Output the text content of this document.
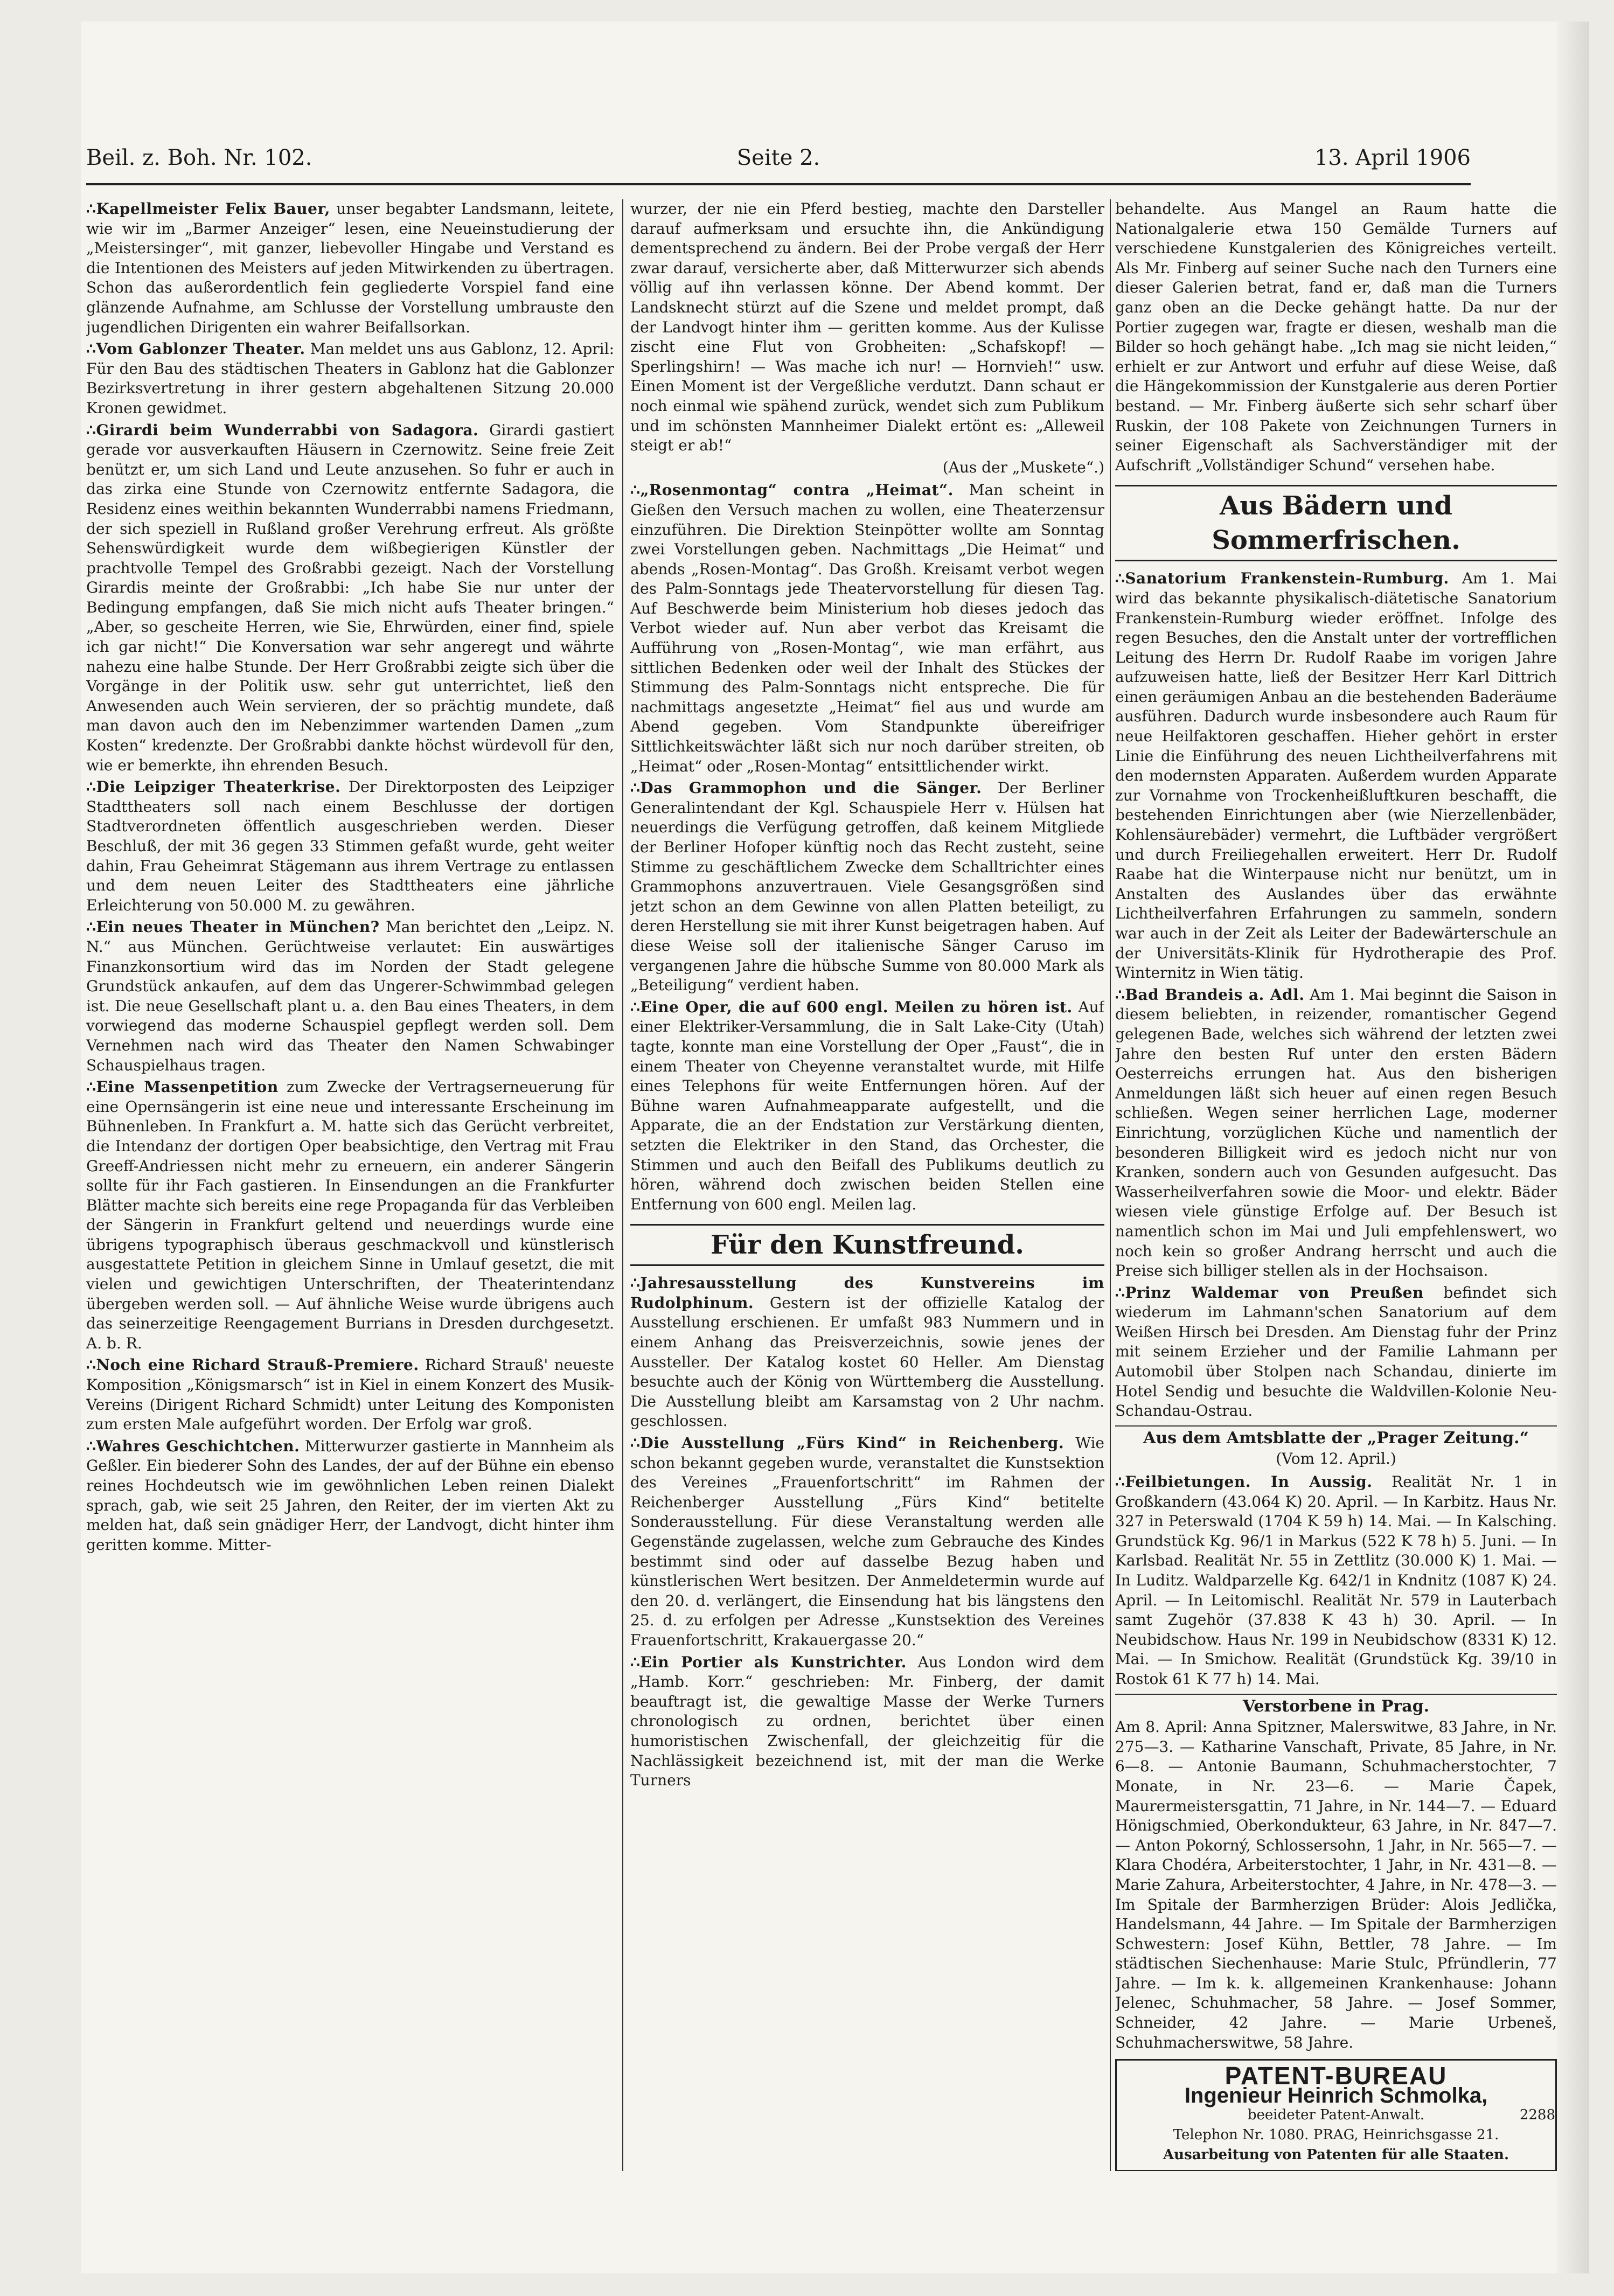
Beil. z. Boh. Nr. 102.	Seite 2.	13. April 1906

∴ Kapellmeister Felix Bauer, unser begabter Landsmann, leitete, wie wir im „Barmer Anzeiger“ lesen, eine Neueinstudierung der „Meistersinger“, mit ganzer, liebevoller Hingabe und Verstand es die Intentionen des Meisters auf jeden Mitwirkenden zu übertragen. Schon das außerordentlich fein gegliederte Vorspiel fand eine glänzende Aufnahme, am Schlusse der Vorstellung umbrauste den jugendlichen Dirigenten ein wahrer Beifallsorkan.

∴ Vom Gablonzer Theater. Man meldet uns aus Gablonz, 12. April: Für den Bau des städtischen Theaters in Gablonz hat die Gablonzer Bezirksvertretung in ihrer gestern abgehaltenen Sitzung 20.000 Kronen gewidmet.

∴ Girardi beim Wunderrabbi von Sadagora. Girardi gastiert gerade vor ausverkauften Häusern in Czernowitz. Seine freie Zeit benützt er, um sich Land und Leute anzusehen. So fuhr er auch in das zirka eine Stunde von Czernowitz entfernte Sadagora, die Residenz eines weithin bekannten Wunderrabbi namens Friedmann, der sich speziell in Rußland großer Verehrung erfreut. Als größte Sehenswürdigkeit wurde dem wißbegierigen Künstler der prachtvolle Tempel des Großrabbi gezeigt. Nach der Vorstellung Girardis meinte der Großrabbi: „Ich habe Sie nur unter der Bedingung empfangen, daß Sie mich nicht aufs Theater bringen.“ „Aber, so gescheite Herren, wie Sie, Ehrwürden, einer find, spiele ich gar nicht!“ Die Konversation war sehr angeregt und währte nahezu eine halbe Stunde. Der Herr Großrabbi zeigte sich über die Vorgänge in der Politik usw. sehr gut unterrichtet, ließ den Anwesenden auch Wein servieren, der so prächtig mundete, daß man davon auch den im Nebenzimmer wartenden Damen „zum Kosten“ kredenzte. Der Großrabbi dankte höchst würdevoll für den, wie er bemerkte, ihn ehrenden Besuch.

∴ Die Leipziger Theaterkrise. Der Direktorposten des Leipziger Stadttheaters soll nach einem Beschlusse der dortigen Stadtverordneten öffentlich ausgeschrieben werden. Dieser Beschluß, der mit 36 gegen 33 Stimmen gefaßt wurde, geht weiter dahin, Frau Geheimrat Stägemann aus ihrem Vertrage zu entlassen und dem neuen Leiter des Stadttheaters eine jährliche Erleichterung von 50.000 M. zu gewähren.

∴ Ein neues Theater in München? Man berichtet den „Leipz. N. N.“ aus München. Gerüchtweise verlautet: Ein auswärtiges Finanzkonsortium wird das im Norden der Stadt gelegene Grundstück ankaufen, auf dem das Ungerer-Schwimmbad gelegen ist. Die neue Gesellschaft plant u. a. den Bau eines Theaters, in dem vorwiegend das moderne Schauspiel gepflegt werden soll. Dem Vernehmen nach wird das Theater den Namen Schwabinger Schauspielhaus tragen.

∴ Eine Massenpetition zum Zwecke der Vertragserneuerung für eine Opernsängerin ist eine neue und interessante Erscheinung im Bühnenleben. In Frankfurt a. M. hatte sich das Gerücht verbreitet, die Intendanz der dortigen Oper beabsichtige, den Vertrag mit Frau Greeff-Andriessen nicht mehr zu erneuern, ein anderer Sängerin sollte für ihr Fach gastieren. In Einsendungen an die Frankfurter Blätter machte sich bereits eine rege Propaganda für das Verbleiben der Sängerin in Frankfurt geltend und neuerdings wurde eine übrigens typographisch überaus geschmackvoll und künstlerisch ausgestattete Petition in gleichem Sinne in Umlauf gesetzt, die mit vielen und gewichtigen Unterschriften, der Theaterintendanz übergeben werden soll. — Auf ähnliche Weise wurde übrigens auch das seinerzeitige Reengagement Burrians in Dresden durchgesetzt. A. b. R.

∴ Noch eine Richard Strauß-Premiere. Richard Strauß' neueste Komposition „Königsmarsch“ ist in Kiel in einem Konzert des Musik-Vereins (Dirigent Richard Schmidt) unter Leitung des Komponisten zum ersten Male aufgeführt worden. Der Erfolg war groß.

∴ Wahres Geschichtchen. Mitterwurzer gastierte in Mannheim als Geßler. Ein biederer Sohn des Landes, der auf der Bühne ein ebenso reines Hochdeutsch wie im gewöhnlichen Leben reinen Dialekt sprach, gab, wie seit 25 Jahren, den Reiter, der im vierten Akt zu melden hat, daß sein gnädiger Herr, der Landvogt, dicht hinter ihm geritten komme. Mitter-

wurzer, der nie ein Pferd bestieg, machte den Darsteller darauf aufmerksam und ersuchte ihn, die Ankündigung dementsprechend zu ändern. Bei der Probe vergaß der Herr zwar darauf, versicherte aber, daß Mitterwurzer sich abends völlig auf ihn verlassen könne. Der Abend kommt. Der Landsknecht stürzt auf die Szene und meldet prompt, daß der Landvogt hinter ihm — geritten komme. Aus der Kulisse zischt eine Flut von Grobheiten: „Schafskopf! — Sperlingshirn! — Was mache ich nur! — Hornvieh!“ usw. Einen Moment ist der Vergeßliche verdutzt. Dann schaut er noch einmal wie spähend zurück, wendet sich zum Publikum und im schönsten Mannheimer Dialekt ertönt es: „Alleweil steigt er ab!“

(Aus der „Muskete“.)

∴ „Rosenmontag“ contra „Heimat“. Man scheint in Gießen den Versuch machen zu wollen, eine Theaterzensur einzuführen. Die Direktion Steinpötter wollte am Sonntag zwei Vorstellungen geben. Nachmittags „Die Heimat“ und abends „Rosen-Montag“. Das Großh. Kreisamt verbot wegen des Palm-Sonntags jede Theatervorstellung für diesen Tag. Auf Beschwerde beim Ministerium hob dieses jedoch das Verbot wieder auf. Nun aber verbot das Kreisamt die Aufführung von „Rosen-Montag“, wie man erfährt, aus sittlichen Bedenken oder weil der Inhalt des Stückes der Stimmung des Palm-Sonntags nicht entspreche. Die für nachmittags angesetzte „Heimat“ fiel aus und wurde am Abend gegeben. Vom Standpunkte übereifriger Sittlichkeitswächter läßt sich nur noch darüber streiten, ob „Heimat“ oder „Rosen-Montag“ entsittlichender wirkt.

∴ Das Grammophon und die Sänger. Der Berliner Generalintendant der Kgl. Schauspiele Herr v. Hülsen hat neuerdings die Verfügung getroffen, daß keinem Mitgliede der Berliner Hofoper künftig noch das Recht zusteht, seine Stimme zu geschäftlichem Zwecke dem Schalltrichter eines Grammophons anzuvertrauen. Viele Gesangsgrößen sind jetzt schon an dem Gewinne von allen Platten beteiligt, zu deren Herstellung sie mit ihrer Kunst beigetragen haben. Auf diese Weise soll der italienische Sänger Caruso im vergangenen Jahre die hübsche Summe von 80.000 Mark als „Beteiligung“ verdient haben.

∴ Eine Oper, die auf 600 engl. Meilen zu hören ist. Auf einer Elektriker-Versammlung, die in Salt Lake-City (Utah) tagte, konnte man eine Vorstellung der Oper „Faust“, die in einem Theater von Cheyenne veranstaltet wurde, mit Hilfe eines Telephons für weite Entfernungen hören. Auf der Bühne waren Aufnahmeapparate aufgestellt, und die Apparate, die an der Endstation zur Verstärkung dienten, setzten die Elektriker in den Stand, das Orchester, die Stimmen und auch den Beifall des Publikums deutlich zu hören, während doch zwischen beiden Stellen eine Entfernung von 600 engl. Meilen lag.

Für den Kunstfreund.

∴ Jahresausstellung des Kunstvereins im Rudolphinum. Gestern ist der offizielle Katalog der Ausstellung erschienen. Er umfaßt 983 Nummern und in einem Anhang das Preisverzeichnis, sowie jenes der Aussteller. Der Katalog kostet 60 Heller. Am Dienstag besuchte auch der König von Württemberg die Ausstellung. Die Ausstellung bleibt am Karsamstag von 2 Uhr nachm. geschlossen.

∴ Die Ausstellung „Fürs Kind“ in Reichenberg. Wie schon bekannt gegeben wurde, veranstaltet die Kunstsektion des Vereines „Frauenfortschritt“ im Rahmen der Reichenberger Ausstellung „Fürs Kind“ betitelte Sonderausstellung. Für diese Veranstaltung werden alle Gegenstände zugelassen, welche zum Gebrauche des Kindes bestimmt sind oder auf dasselbe Bezug haben und künstlerischen Wert besitzen. Der Anmeldetermin wurde auf den 20. d. verlängert, die Einsendung hat bis längstens den 25. d. zu erfolgen per Adresse „Kunstsektion des Vereines Frauenfortschritt, Krakauergasse 20.“

∴ Ein Portier als Kunstrichter. Aus London wird dem „Hamb. Korr.“ geschrieben: Mr. Finberg, der damit beauftragt ist, die gewaltige Masse der Werke Turners chronologisch zu ordnen, berichtet über einen humoristischen Zwischenfall, der gleichzeitig für die Nachlässigkeit bezeichnend ist, mit der man die Werke Turners

behandelte. Aus Mangel an Raum hatte die Nationalgalerie etwa 150 Gemälde Turners auf verschiedene Kunstgalerien des Königreiches verteilt. Als Mr. Finberg auf seiner Suche nach den Turners eine dieser Galerien betrat, fand er, daß man die Turners ganz oben an die Decke gehängt hatte. Da nur der Portier zugegen war, fragte er diesen, weshalb man die Bilder so hoch gehängt habe. „Ich mag sie nicht leiden,“ erhielt er zur Antwort und erfuhr auf diese Weise, daß die Hängekommission der Kunstgalerie aus deren Portier bestand. — Mr. Finberg äußerte sich sehr scharf über Ruskin, der 108 Pakete von Zeichnungen Turners in seiner Eigenschaft als Sachverständiger mit der Aufschrift „Vollständiger Schund“ versehen habe.

Aus Bädern und Sommerfrischen.

∴ Sanatorium Frankenstein-Rumburg. Am 1. Mai wird das bekannte physikalisch-diätetische Sanatorium Frankenstein-Rumburg wieder eröffnet. Infolge des regen Besuches, den die Anstalt unter der vortrefflichen Leitung des Herrn Dr. Rudolf Raabe im vorigen Jahre aufzuweisen hatte, ließ der Besitzer Herr Karl Dittrich einen geräumigen Anbau an die bestehenden Baderäume ausführen. Dadurch wurde insbesondere auch Raum für neue Heilfaktoren geschaffen. Hieher gehört in erster Linie die Einführung des neuen Lichtheilverfahrens mit den modernsten Apparaten. Außerdem wurden Apparate zur Vornahme von Trockenheißluftkuren beschafft, die bestehenden Einrichtungen aber (wie Nierzellenbäder, Kohlensäurebäder) vermehrt, die Luftbäder vergrößert und durch Freiliegehallen erweitert. Herr Dr. Rudolf Raabe hat die Winterpause nicht nur benützt, um in Anstalten des Auslandes über das erwähnte Lichtheilverfahren Erfahrungen zu sammeln, sondern war auch in der Zeit als Leiter der Badewärterschule an der Universitäts-Klinik für Hydrotherapie des Prof. Winternitz in Wien tätig.

∴ Bad Brandeis a. Adl. Am 1. Mai beginnt die Saison in diesem beliebten, in reizender, romantischer Gegend gelegenen Bade, welches sich während der letzten zwei Jahre den besten Ruf unter den ersten Bädern Oesterreichs errungen hat. Aus den bisherigen Anmeldungen läßt sich heuer auf einen regen Besuch schließen. Wegen seiner herrlichen Lage, moderner Einrichtung, vorzüglichen Küche und namentlich der besonderen Billigkeit wird es jedoch nicht nur von Kranken, sondern auch von Gesunden aufgesucht. Das Wasserheilverfahren sowie die Moor- und elektr. Bäder wiesen viele günstige Erfolge auf. Der Besuch ist namentlich schon im Mai und Juli empfehlenswert, wo noch kein so großer Andrang herrscht und auch die Preise sich billiger stellen als in der Hochsaison.

∴ Prinz Waldemar von Preußen befindet sich wiederum im Lahmann'schen Sanatorium auf dem Weißen Hirsch bei Dresden. Am Dienstag fuhr der Prinz mit seinem Erzieher und der Familie Lahmann per Automobil über Stolpen nach Schandau, dinierte im Hotel Sendig und besuchte die Waldvillen-Kolonie Neu-Schandau-Ostrau.

Aus dem Amtsblatte der „Prager Zeitung.“
(Vom 12. April.)

∴ Feilbietungen. In Aussig. Realität Nr. 1 in Großkandern (43.064 K) 20. April. — In Karbitz. Haus Nr. 327 in Peterswald (1704 K 59 h) 14. Mai. — In Kalsching. Grundstück Kg. 96/1 in Markus (522 K 78 h) 5. Juni. — In Karlsbad. Realität Nr. 55 in Zettlitz (30.000 K) 1. Mai. — In Luditz. Waldparzelle Kg. 642/1 in Kndnitz (1087 K) 24. April. — In Leitomischl. Realität Nr. 579 in Lauterbach samt Zugehör (37.838 K 43 h) 30. April. — In Neubidschow. Haus Nr. 199 in Neubidschow (8331 K) 12. Mai. — In Smichow. Realität (Grundstück Kg. 39/10 in Rostok 61 K 77 h) 14. Mai.

Verstorbene in Prag.

Am 8. April: Anna Spitzner, Malerswitwe, 83 Jahre, in Nr. 275—3. — Katharine Vanschaft, Private, 85 Jahre, in Nr. 6—8. — Antonie Baumann, Schuhmacherstochter, 7 Monate, in Nr. 23—6. — Marie Čapek, Maurermeistersgattin, 71 Jahre, in Nr. 144—7. — Eduard Hönigschmied, Oberkondukteur, 63 Jahre, in Nr. 847—7. — Anton Pokorný, Schlossersohn, 1 Jahr, in Nr. 565—7. — Klara Chodéra, Arbeiterstochter, 1 Jahr, in Nr. 431—8. — Marie Zahura, Arbeiterstochter, 4 Jahre, in Nr. 478—3. — Im Spitale der Barmherzigen Brüder: Alois Jedlička, Handelsmann, 44 Jahre. — Im Spitale der Barmherzigen Schwestern: Josef Kühn, Bettler, 78 Jahre. — Im städtischen Siechenhause: Marie Stulc, Pfründlerin, 77 Jahre. — Im k. k. allgemeinen Krankenhause: Johann Jelenec, Schuhmacher, 58 Jahre. — Josef Sommer, Schneider, 42 Jahre. — Marie Urbeneš, Schuhmacherswitwe, 58 Jahre.

PATENT-BUREAU
Ingenieur Heinrich Schmolka,
beeideter Patent-Anwalt.	2288
Telephon Nr. 1080. PRAG, Heinrichsgasse 21.
Ausarbeitung von Patenten für alle Staaten.
